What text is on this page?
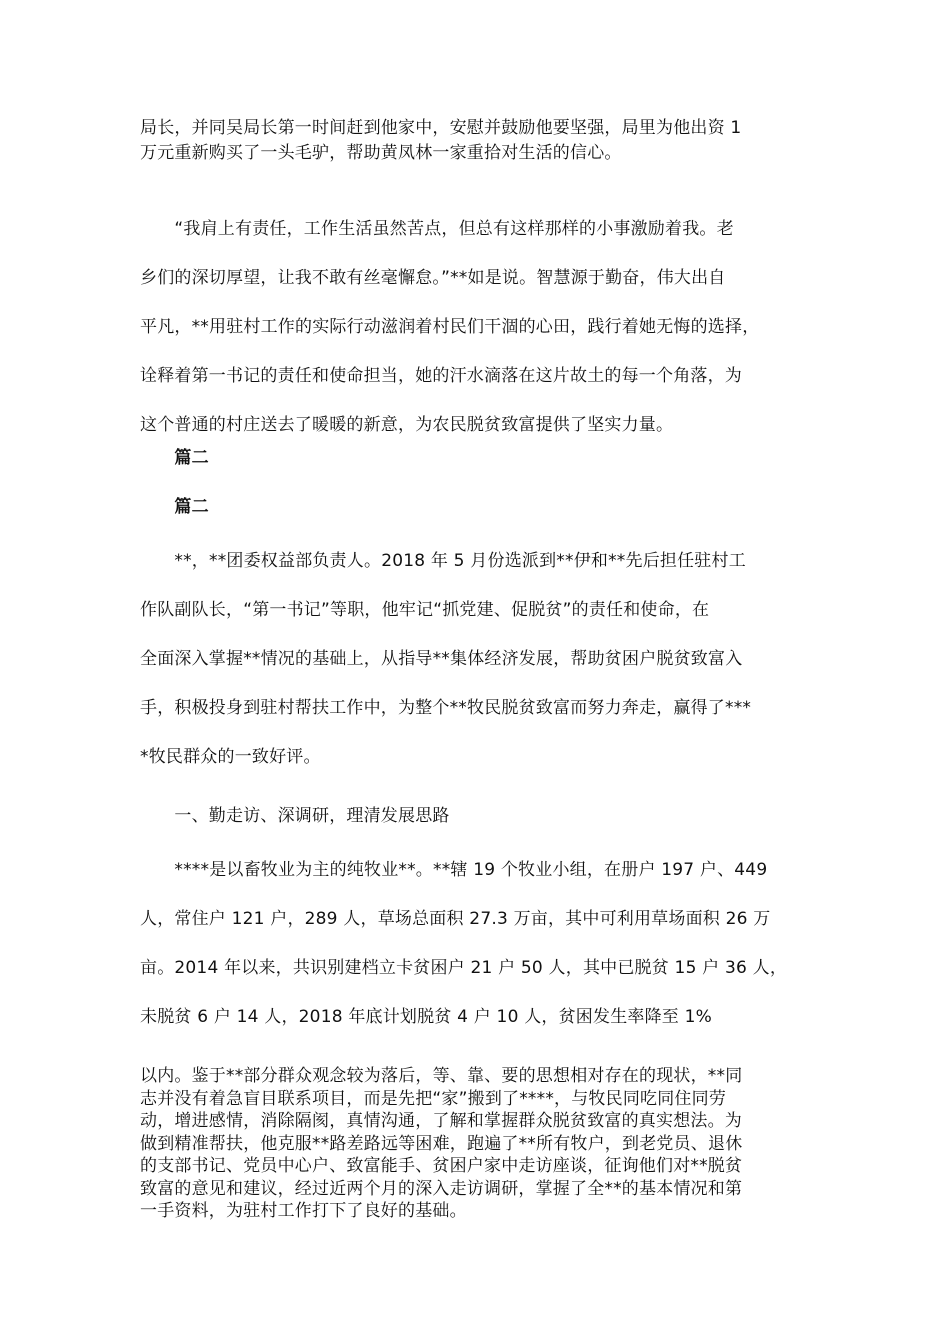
局长，并同吴局长第一时间赶到他家中，安慰并鼓励他要坚强，局里为他出资 1
万元重新购买了一头毛驴，帮助黄凤林一家重拾对生活的信心。
　　“我肩上有责任，工作生活虽然苦点，但总有这样那样的小事激励着我。老
乡们的深切厚望，让我不敢有丝毫懈怠。”**如是说。智慧源于勤奋，伟大出自
平凡，**用驻村工作的实际行动滋润着村民们干涸的心田，践行着她无悔的选择，
诠释着第一书记的责任和使命担当，她的汗水滴落在这片故土的每一个角落，为
这个普通的村庄送去了暖暖的新意，为农民脱贫致富提供了坚实力量。
　　篇二
　　篇二
　　**，**团委权益部负责人。2018 年 5 月份选派到**伊和**先后担任驻村工
作队副队长，“第一书记”等职，他牢记“抓党建、促脱贫”的责任和使命，在
全面深入掌握**情况的基础上，从指导**集体经济发展，帮助贫困户脱贫致富入
手，积极投身到驻村帮扶工作中，为整个**牧民脱贫致富而努力奔走，赢得了***
*牧民群众的一致好评。
　　一、勤走访、深调研，理清发展思路
　　****是以畜牧业为主的纯牧业**。**辖 19 个牧业小组，在册户 197 户、449
人，常住户 121 户，289 人，草场总面积 27.3 万亩，其中可利用草场面积 26 万
亩。2014 年以来，共识别建档立卡贫困户 21 户 50 人，其中已脱贫 15 户 36 人，
未脱贫 6 户 14 人，2018 年底计划脱贫 4 户 10 人，贫困发生率降至 1%
以内。鉴于**部分群众观念较为落后，等、靠、要的思想相对存在的现状，**同
志并没有着急盲目联系项目，而是先把“家”搬到了****，与牧民同吃同住同劳
动，增进感情，消除隔阂，真情沟通，了解和掌握群众脱贫致富的真实想法。为
做到精准帮扶，他克服**路差路远等困难，跑遍了**所有牧户，到老党员、退休
的支部书记、党员中心户、致富能手、贫困户家中走访座谈，征询他们对**脱贫
致富的意见和建议，经过近两个月的深入走访调研，掌握了全**的基本情况和第
一手资料，为驻村工作打下了良好的基础。
